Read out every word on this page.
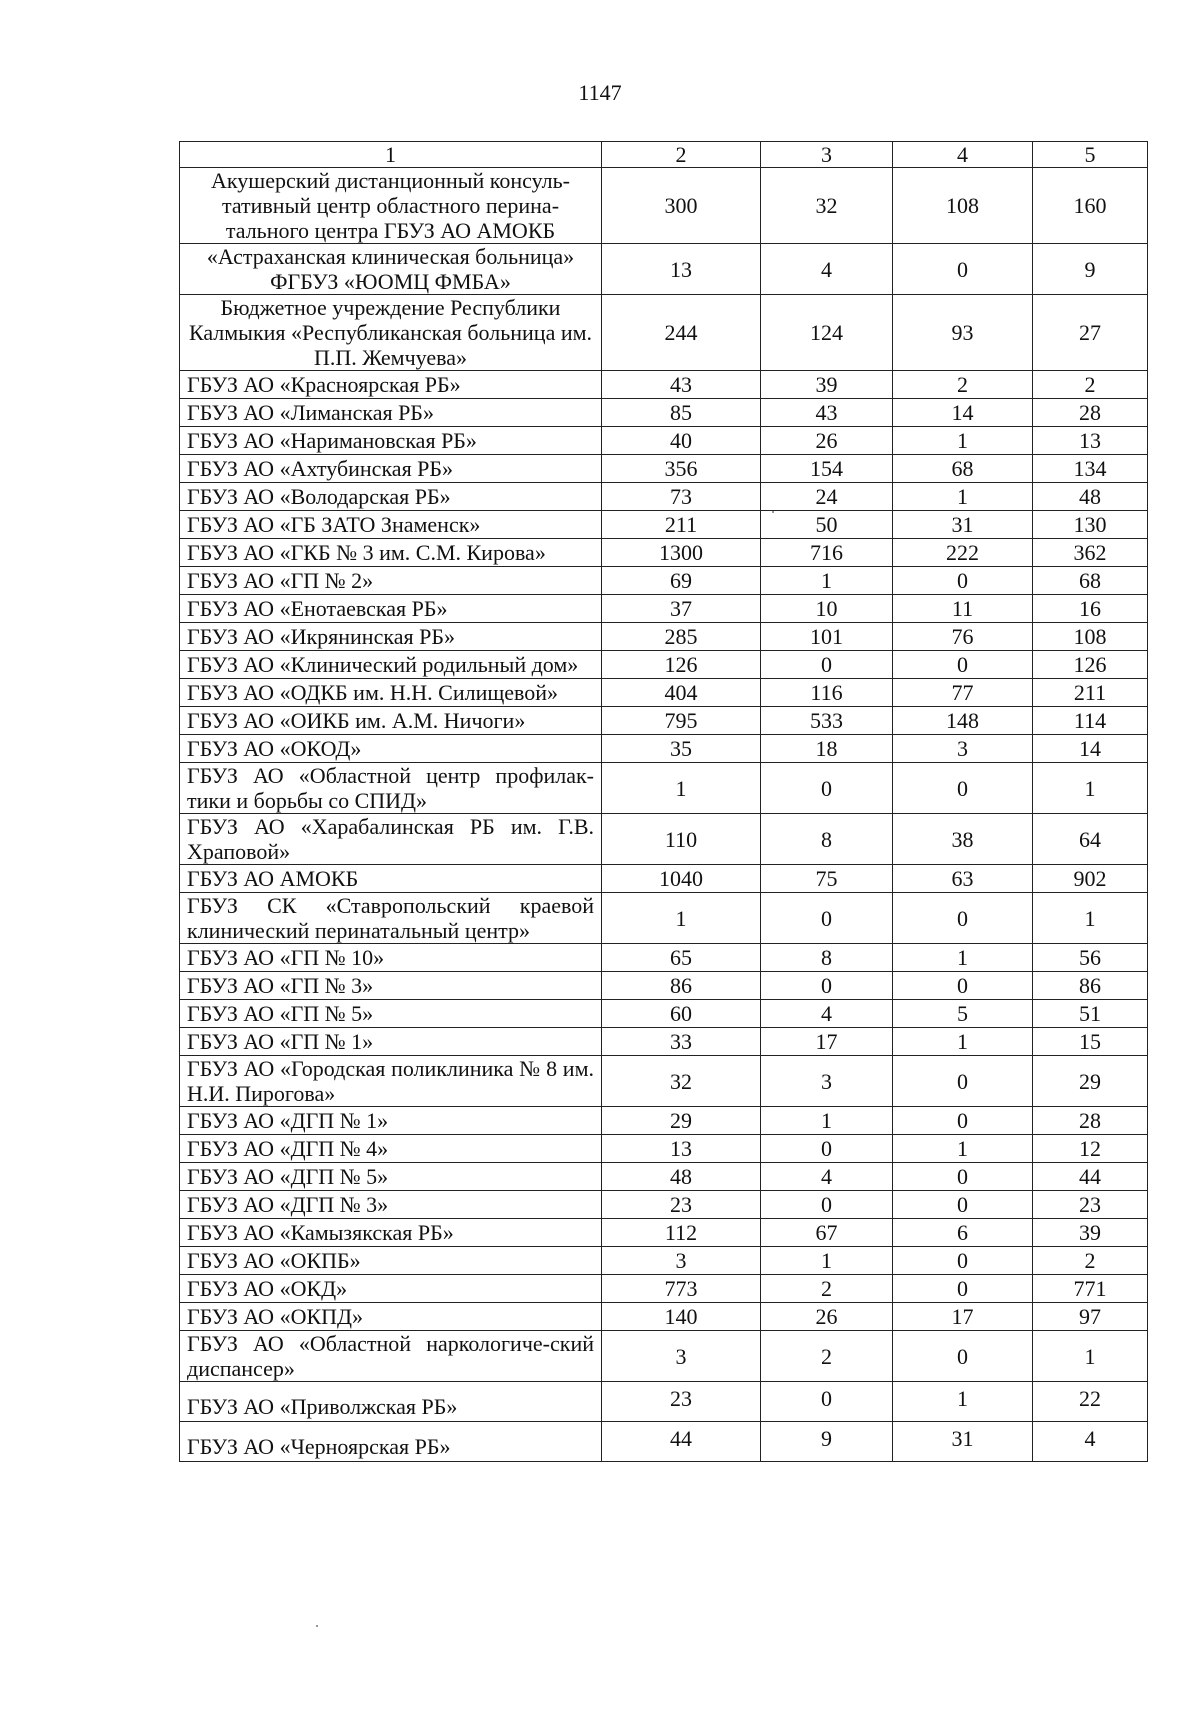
1147
1	2	3	4	5
Акушерский дистанционный консуль-тативный центр областного перина-тального центра ГБУЗ АО АМОКБ	300	32	108	160
«Астраханская клиническая больница» ФГБУЗ «ЮОМЦ ФМБА»	13	4	0	9
Бюджетное учреждение Республики Калмыкия «Республиканская больница им. П.П. Жемчуева»	244	124	93	27
ГБУЗ АО «Красноярская РБ»	43	39	2	2
ГБУЗ АО «Лиманская РБ»	85	43	14	28
ГБУЗ АО «Наримановская РБ»	40	26	1	13
ГБУЗ АО «Ахтубинская РБ»	356	154	68	134
ГБУЗ АО «Володарская РБ»	73	24	1	48
ГБУЗ АО «ГБ ЗАТО Знаменск»	211	50	31	130
ГБУЗ АО «ГКБ № 3 им. С.М. Кирова»	1300	716	222	362
ГБУЗ АО «ГП № 2»	69	1	0	68
ГБУЗ АО «Енотаевская РБ»	37	10	11	16
ГБУЗ АО «Икрянинская РБ»	285	101	76	108
ГБУЗ АО «Клинический родильный дом»	126	0	0	126
ГБУЗ АО «ОДКБ им. Н.Н. Силищевой»	404	116	77	211
ГБУЗ АО «ОИКБ им. А.М. Ничоги»	795	533	148	114
ГБУЗ АО «ОКОД»	35	18	3	14
ГБУЗ АО «Областной центр профилак-тики и борьбы со СПИД»	1	0	0	1
ГБУЗ АО «Харабалинская РБ им. Г.В. Храповой»	110	8	38	64
ГБУЗ АО АМОКБ	1040	75	63	902
ГБУЗ СК «Ставропольский краевой клинический перинатальный центр»	1	0	0	1
ГБУЗ АО «ГП № 10»	65	8	1	56
ГБУЗ АО «ГП № 3»	86	0	0	86
ГБУЗ АО «ГП № 5»	60	4	5	51
ГБУЗ АО «ГП № 1»	33	17	1	15
ГБУЗ АО «Городская поликлиника № 8 им. Н.И. Пирогова»	32	3	0	29
ГБУЗ АО «ДГП № 1»	29	1	0	28
ГБУЗ АО «ДГП № 4»	13	0	1	12
ГБУЗ АО «ДГП № 5»	48	4	0	44
ГБУЗ АО «ДГП № 3»	23	0	0	23
ГБУЗ АО «Камызякская РБ»	112	67	6	39
ГБУЗ АО «ОКПБ»	3	1	0	2
ГБУЗ АО «ОКД»	773	2	0	771
ГБУЗ АО «ОКПД»	140	26	17	97
ГБУЗ АО «Областной наркологиче-ский диспансер»	3	2	0	1
ГБУЗ АО «Приволжская РБ»	23	0	1	22
ГБУЗ АО «Черноярская РБ»	44	9	31	4
